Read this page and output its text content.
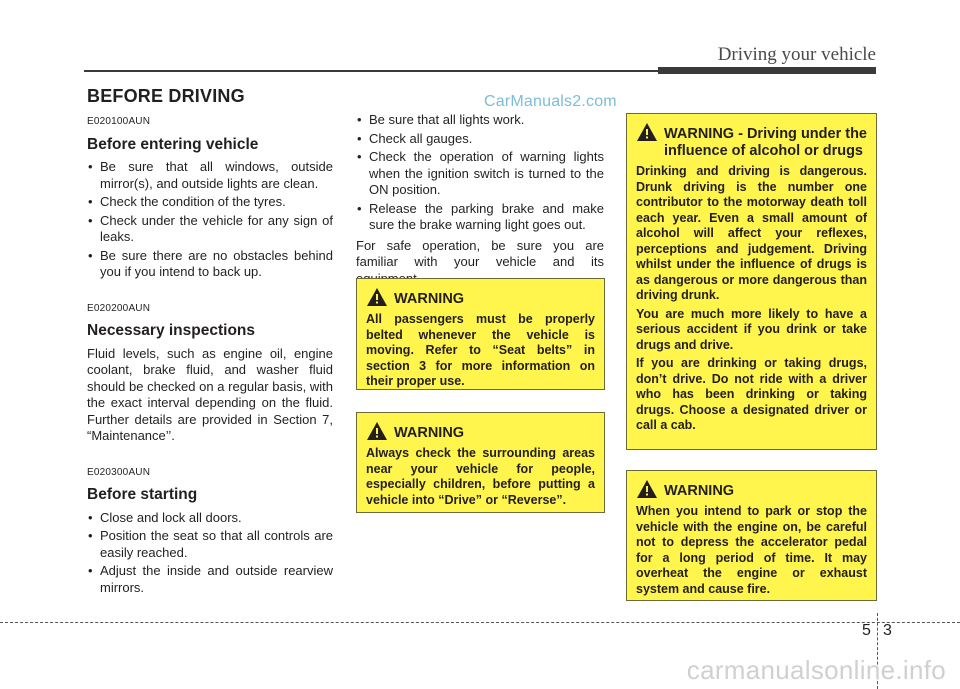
Driving your vehicle
BEFORE DRIVING	CarManuals2.com
E020100AUN
Before entering vehicle
• Be sure that all windows, outside mirror(s), and outside lights are clean.
• Check the condition of the tyres.
• Check under the vehicle for any sign of leaks.
• Be sure there are no obstacles behind you if you intend to back up.
E020200AUN
Necessary inspections

Fluid levels, such as engine oil, engine coolant, brake fluid, and washer fluid should be checked on a regular basis, with the exact interval depending on the fluid. Further details are provided in Section 7, “Maintenance’’.

E020300AUN
Before starting
• Close and lock all doors.
• Position the seat so that all controls are easily reached.
• Adjust the inside and outside rearview mirrors.
• Be sure that all lights work.
• Check all gauges.
• Check the operation of warning lights when the ignition switch is turned to the ON position.
• Release the parking brake and make sure the brake warning light goes out.

For safe operation, be sure you are familiar with your vehicle and its

WARNING

All passengers must be properly belted whenever the vehicle is moving. Refer to “Seat belts” in section 3 for more information on their proper use.

WARNING

Always check the surrounding areas near your vehicle for people, especially children, before putting a vehicle into “Drive” or “Reverse”.

WARNING - Driving under the influence of alcohol or drugs

Drinking and driving is dangerous. Drunk driving is the number one contributor to the motorway death toll each year. Even a small amount of alcohol will affect your reflexes, perceptions and judgement. Driving whilst under the influence of drugs is as dangerous or more dangerous than driving drunk.

You are much more likely to have a serious accident if you drink or take drugs and drive.

If you are drinking or taking drugs, don’t drive. Do not ride with a driver who has been drinking or taking drugs. Choose a designated driver or call a cab.

WARNING

When you intend to park or stop the vehicle with the engine on, be careful not to depress the accelerator pedal for a long period of time. It may overheat the engine or exhaust system and cause fire.

5 3
carmanualsonline.info
